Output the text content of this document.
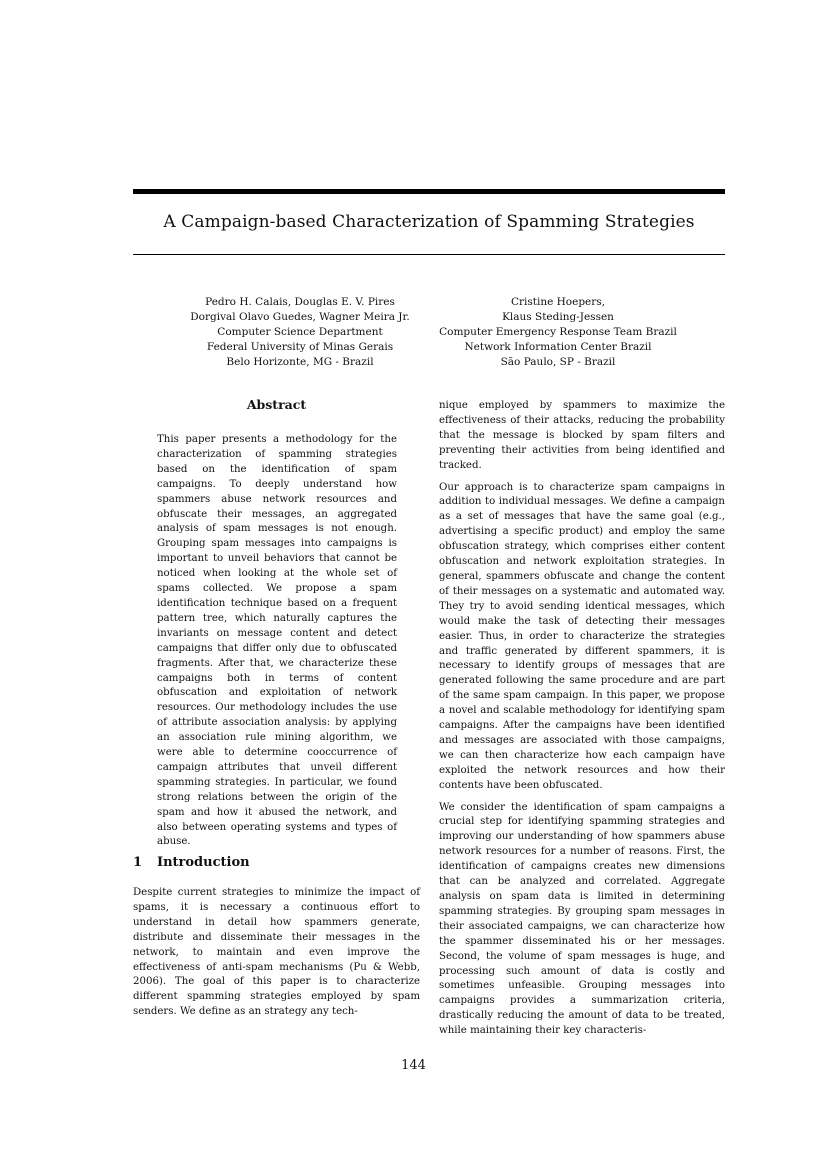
A Campaign-based Characterization of Spamming Strategies
Pedro H. Calais, Douglas E. V. Pires
Dorgival Olavo Guedes, Wagner Meira Jr.
Computer Science Department
Federal University of Minas Gerais
Belo Horizonte, MG - Brazil
Cristine Hoepers,
Klaus Steding-Jessen
Computer Emergency Response Team Brazil
Network Information Center Brazil
São Paulo, SP - Brazil
Abstract
This paper presents a methodology for the characterization of spamming strategies based on the identification of spam campaigns. To deeply understand how spammers abuse network resources and obfuscate their messages, an aggregated analysis of spam messages is not enough. Grouping spam messages into campaigns is important to unveil behaviors that cannot be noticed when looking at the whole set of spams collected. We propose a spam identification technique based on a frequent pattern tree, which naturally captures the invariants on message content and detect campaigns that differ only due to obfuscated fragments. After that, we characterize these campaigns both in terms of content obfuscation and exploitation of network resources. Our methodology includes the use of attribute association analysis: by applying an association rule mining algorithm, we were able to determine cooccurrence of campaign attributes that unveil different spamming strategies. In particular, we found strong relations between the origin of the spam and how it abused the network, and also between operating systems and types of abuse.
1 Introduction
Despite current strategies to minimize the impact of spams, it is necessary a continuous effort to understand in detail how spammers generate, distribute and disseminate their messages in the network, to maintain and even improve the effectiveness of anti-spam mechanisms (Pu & Webb, 2006). The goal of this paper is to characterize different spamming strategies employed by spam senders. We define as an strategy any tech-

nique employed by spammers to maximize the effectiveness of their attacks, reducing the probability that the message is blocked by spam filters and preventing their activities from being identified and tracked.

Our approach is to characterize spam campaigns in addition to individual messages. We define a campaign as a set of messages that have the same goal (e.g., advertising a specific product) and employ the same obfuscation strategy, which comprises either content obfuscation and network exploitation strategies. In general, spammers obfuscate and change the content of their messages on a systematic and automated way. They try to avoid sending identical messages, which would make the task of detecting their messages easier. Thus, in order to characterize the strategies and traffic generated by different spammers, it is necessary to identify groups of messages that are generated following the same procedure and are part of the same spam campaign. In this paper, we propose a novel and scalable methodology for identifying spam campaigns. After the campaigns have been identified and messages are associated with those campaigns, we can then characterize how each campaign have exploited the network resources and how their contents have been obfuscated.

We consider the identification of spam campaigns a crucial step for identifying spamming strategies and improving our understanding of how spammers abuse network resources for a number of reasons. First, the identification of campaigns creates new dimensions that can be analyzed and correlated. Aggregate analysis on spam data is limited in determining spamming strategies. By grouping spam messages in their associated campaigns, we can characterize how the spammer disseminated his or her messages. Second, the volume of spam messages is huge, and processing such amount of data is costly and sometimes unfeasible. Grouping messages into campaigns provides a summarization criteria, drastically reducing the amount of data to be treated, while maintaining their key characteris-

144
